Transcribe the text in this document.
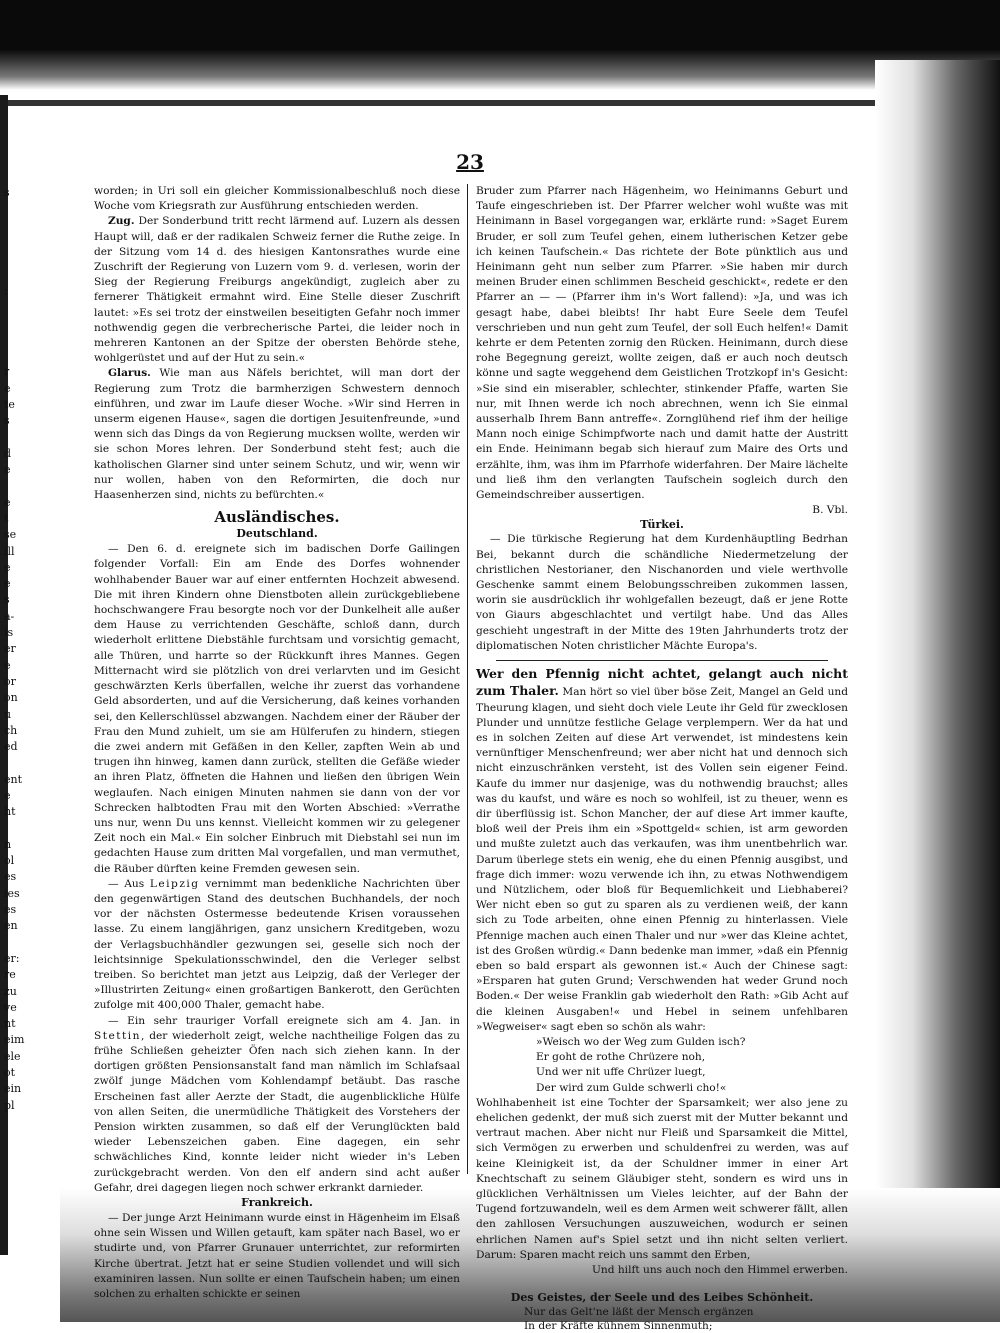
s
;
r
e
te
s
d
e
e
t
se
ill
e
e
s
a-
is
er
e
or
on
u
ch
ed
ent
e
ht
n
ol
es
ies
es
en
er:
re
zu
ve
nt
eim
ele
ot
ein
pl
23

worden; in Uri soll ein gleicher Kommissionalbeschluß noch diese Woche vom Kriegsrath zur Ausführung entschieden werden.

Zug. Der Sonderbund tritt recht lärmend auf. Luzern als dessen Haupt will, daß er der radikalen Schweiz ferner die Ruthe zeige. In der Sitzung vom 14 d. des hiesigen Kantonsrathes wurde eine Zuschrift der Regierung von Luzern vom 9. d. verlesen, worin der Sieg der Regierung Freiburgs angekündigt, zugleich aber zu fernerer Thätigkeit ermahnt wird. Eine Stelle dieser Zuschrift lautet: »Es sei trotz der einstweilen beseitigten Gefahr noch immer nothwendig gegen die verbrecherische Partei, die leider noch in mehreren Kantonen an der Spitze der obersten Behörde stehe, wohlgerüstet und auf der Hut zu sein.«

Glarus. Wie man aus Näfels berichtet, will man dort der Regierung zum Trotz die barmherzigen Schwestern dennoch einführen, und zwar im Laufe dieser Woche. »Wir sind Herren in unserm eigenen Hause«, sagen die dortigen Jesuitenfreunde, »und wenn sich das Dings da von Regierung mucksen wollte, werden wir sie schon Mores lehren. Der Sonderbund steht fest; auch die katholischen Glarner sind unter seinem Schutz, und wir, wenn wir nur wollen, haben von den Reformirten, die doch nur Haasenherzen sind, nichts zu befürchten.«

Ausländisches.
Deutschland.

— Den 6. d. ereignete sich im badischen Dorfe Gailingen folgender Vorfall: Ein am Ende des Dorfes wohnender wohlhabender Bauer war auf einer entfernten Hochzeit abwesend. Die mit ihren Kindern ohne Dienstboten allein zurückgebliebene hochschwangere Frau besorgte noch vor der Dunkelheit alle außer dem Hause zu verrichtenden Geschäfte, schloß dann, durch wiederholt erlittene Diebstähle furchtsam und vorsichtig gemacht, alle Thüren, und harrte so der Rückkunft ihres Mannes. Gegen Mitternacht wird sie plötzlich von drei verlarvten und im Gesicht geschwärzten Kerls überfallen, welche ihr zuerst das vorhandene Geld absorderten, und auf die Versicherung, daß keines vorhanden sei, den Kellerschlüssel abzwangen. Nachdem einer der Räuber der Frau den Mund zuhielt, um sie am Hülferufen zu hindern, stiegen die zwei andern mit Gefäßen in den Keller, zapften Wein ab und trugen ihn hinweg, kamen dann zurück, stellten die Gefäße wieder an ihren Platz, öffneten die Hahnen und ließen den übrigen Wein weglaufen. Nach einigen Minuten nahmen sie dann von der vor Schrecken halbtodten Frau mit den Worten Abschied: »Verrathe uns nur, wenn Du uns kennst. Vielleicht kommen wir zu gelegener Zeit noch ein Mal.« Ein solcher Einbruch mit Diebstahl sei nun im gedachten Hause zum dritten Mal vorgefallen, und man vermuthet, die Räuber dürften keine Fremden gewesen sein.

— Aus Leipzig vernimmt man bedenkliche Nachrichten über den gegenwärtigen Stand des deutschen Buchhandels, der noch vor der nächsten Ostermesse bedeutende Krisen voraussehen lasse. Zu einem langjährigen, ganz unsichern Kreditgeben, wozu der Verlagsbuchhändler gezwungen sei, geselle sich noch der leichtsinnige Spekulationsschwindel, den die Verleger selbst treiben. So berichtet man jetzt aus Leipzig, daß der Verleger der »Illustrirten Zeitung« einen großartigen Bankerott, den Gerüchten zufolge mit 400,000 Thaler, gemacht habe.

— Ein sehr trauriger Vorfall ereignete sich am 4. Jan. in Stettin, der wiederholt zeigt, welche nachtheilige Folgen das zu frühe Schließen geheizter Öfen nach sich ziehen kann. In der dortigen größten Pensionsanstalt fand man nämlich im Schlafsaal zwölf junge Mädchen vom Kohlendampf betäubt. Das rasche Erscheinen fast aller Aerzte der Stadt, die augenblickliche Hülfe von allen Seiten, die unermüdliche Thätigkeit des Vorstehers der Pension wirkten zusammen, so daß elf der Verunglückten bald wieder Lebenszeichen gaben. Eine dagegen, ein sehr schwächliches Kind, konnte leider nicht wieder in's Leben zurückgebracht werden. Von den elf andern sind acht außer Gefahr, drei dagegen liegen noch schwer erkrankt darnieder.

Frankreich.

— Der junge Arzt Heinimann wurde einst in Hägenheim im Elsaß ohne sein Wissen und Willen getauft, kam später nach Basel, wo er studirte und, von Pfarrer Grunauer unterrichtet, zur reformirten Kirche übertrat. Jetzt hat er seine Studien vollendet und will sich examiniren lassen. Nun sollte er einen Taufschein haben; um einen solchen zu erhalten schickte er seinen

Bruder zum Pfarrer nach Hägenheim, wo Heinimanns Geburt und Taufe eingeschrieben ist. Der Pfarrer welcher wohl wußte was mit Heinimann in Basel vorgegangen war, erklärte rund: »Saget Eurem Bruder, er soll zum Teufel gehen, einem lutherischen Ketzer gebe ich keinen Taufschein.« Das richtete der Bote pünktlich aus und Heinimann geht nun selber zum Pfarrer. »Sie haben mir durch meinen Bruder einen schlimmen Bescheid geschickt«, redete er den Pfarrer an — — (Pfarrer ihm in's Wort fallend): »Ja, und was ich gesagt habe, dabei bleibts! Ihr habt Eure Seele dem Teufel verschrieben und nun geht zum Teufel, der soll Euch helfen!« Damit kehrte er dem Petenten zornig den Rücken. Heinimann, durch diese rohe Begegnung gereizt, wollte zeigen, daß er auch noch deutsch könne und sagte weggehend dem Geistlichen Trotzkopf in's Gesicht: »Sie sind ein miserabler, schlechter, stinkender Pfaffe, warten Sie nur, mit Ihnen werde ich noch abrechnen, wenn ich Sie einmal ausserhalb Ihrem Bann antreffe«. Zornglühend rief ihm der heilige Mann noch einige Schimpfworte nach und damit hatte der Austritt ein Ende. Heinimann begab sich hierauf zum Maire des Orts und erzählte, ihm, was ihm im Pfarrhofe widerfahren. Der Maire lächelte und ließ ihm den verlangten Taufschein sogleich durch den Gemeindschreiber aussertigen.

B. Vbl.
Türkei.

— Die türkische Regierung hat dem Kurdenhäuptling Bedrhan Bei, bekannt durch die schändliche Niedermetzelung der christlichen Nestorianer, den Nischanorden und viele werthvolle Geschenke sammt einem Belobungsschreiben zukommen lassen, worin sie ausdrücklich ihr wohlgefallen bezeugt, daß er jene Rotte von Giaurs abgeschlachtet und vertilgt habe. Und das Alles geschieht ungestraft in der Mitte des 19ten Jahrhunderts trotz der diplomatischen Noten christlicher Mächte Europa's.

Wer den Pfennig nicht achtet, gelangt auch nicht zum Thaler. Man hört so viel über böse Zeit, Mangel an Geld und Theurung klagen, und sieht doch viele Leute ihr Geld für zwecklosen Plunder und unnütze festliche Gelage verplempern. Wer da hat und es in solchen Zeiten auf diese Art verwendet, ist mindestens kein vernünftiger Menschenfreund; wer aber nicht hat und dennoch sich nicht einzuschränken versteht, ist des Vollen sein eigener Feind. Kaufe du immer nur dasjenige, was du nothwendig brauchst; alles was du kaufst, und wäre es noch so wohlfeil, ist zu theuer, wenn es dir überflüssig ist. Schon Mancher, der auf diese Art immer kaufte, bloß weil der Preis ihm ein »Spottgeld« schien, ist arm geworden und mußte zuletzt auch das verkaufen, was ihm unentbehrlich war. Darum überlege stets ein wenig, ehe du einen Pfennig ausgibst, und frage dich immer: wozu verwende ich ihn, zu etwas Nothwendigem und Nützlichem, oder bloß für Bequemlichkeit und Liebhaberei? Wer nicht eben so gut zu sparen als zu verdienen weiß, der kann sich zu Tode arbeiten, ohne einen Pfennig zu hinterlassen. Viele Pfennige machen auch einen Thaler und nur »wer das Kleine achtet, ist des Großen würdig.« Dann bedenke man immer, »daß ein Pfennig eben so bald erspart als gewonnen ist.« Auch der Chinese sagt: »Ersparen hat guten Grund; Verschwenden hat weder Grund noch Boden.« Der weise Franklin gab wiederholt den Rath: »Gib Acht auf die kleinen Ausgaben!« und Hebel in seinem unfehlbaren »Wegweiser« sagt eben so schön als wahr:

»Weisch wo der Weg zum Gulden isch?
Er goht de rothe Chrüzere noh,
Und wer nit uffe Chrüzer luegt,
Der wird zum Gulde schwerli cho!«

Wohlhabenheit ist eine Tochter der Sparsamkeit; wer also jene zu ehelichen gedenkt, der muß sich zuerst mit der Mutter bekannt und vertraut machen. Aber nicht nur Fleiß und Sparsamkeit die Mittel, sich Vermögen zu erwerben und schuldenfrei zu werden, was auf keine Kleinigkeit ist, da der Schuldner immer in einer Art Knechtschaft zu seinem Gläubiger steht, sondern es wird uns in glücklichen Verhältnissen um Vieles leichter, auf der Bahn der Tugend fortzuwandeln, weil es dem Armen weit schwerer fällt, allen den zahllosen Versuchungen auszuweichen, wodurch er seinen ehrlichen Namen auf's Spiel setzt und ihn nicht selten verliert. Darum: Sparen macht reich uns sammt den Erben,

Und hilft uns auch noch den Himmel erwerben.
Des Geistes, der Seele und des Leibes Schönheit.
Nur das Gelt'ne läßt der Mensch ergänzen
In der Kräfte kühnem Sinnenmuth;
